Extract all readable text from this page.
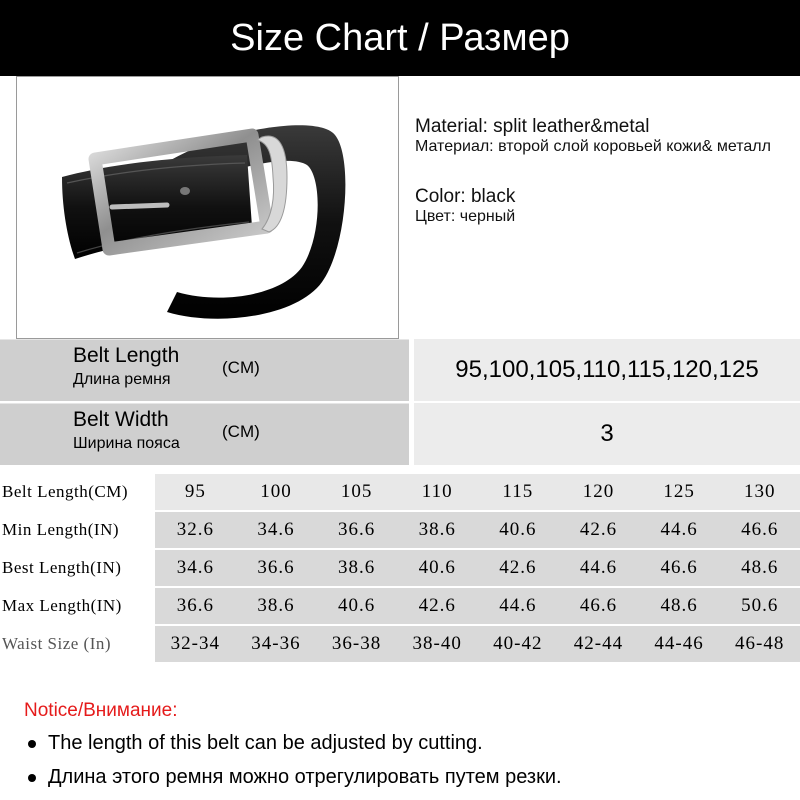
Size Chart / Размер
Material: split leather&metal
Материал: второй слой коровьей кожи& металл
Color: black
Цвет: черный
Belt Length
Длина ремня
(CM)	95,100,105,110,115,120,125
Belt Width
Ширина пояса
(CM)	3
Belt Length(CM)	95	100	105	110	115	120	125	130
Min Length(IN)	32.6	34.6	36.6	38.6	40.6	42.6	44.6	46.6
Best Length(IN)	34.6	36.6	38.6	40.6	42.6	44.6	46.6	48.6
Max Length(IN)	36.6	38.6	40.6	42.6	44.6	46.6	48.6	50.6
Waist Size (In)	32-34	34-36	36-38	38-40	40-42	42-44	44-46	46-48
Notice/Внимание:
The length of this belt can be adjusted by cutting.
Длина этого ремня можно отрегулировать путем резки.
